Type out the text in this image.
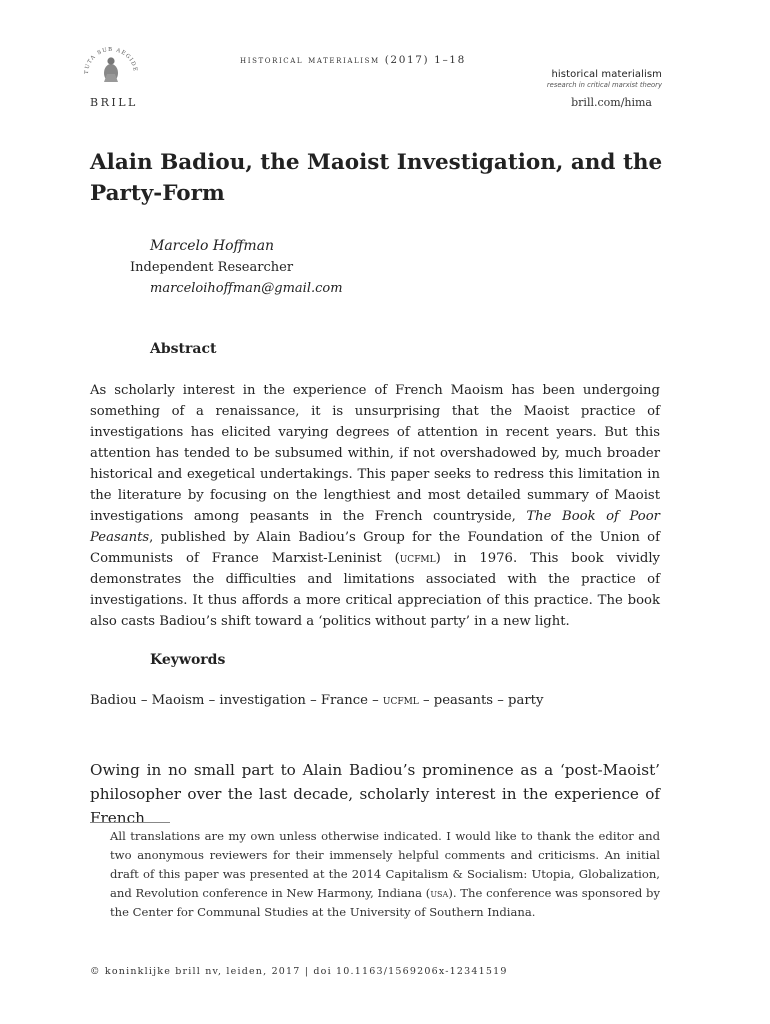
TUTA SUB AEGIDE
BRILL
historical materialism (2017) 1–18
historical materialism
research in critical marxist theory
brill.com/hima
Alain Badiou, the Maoist Investigation, and the Party-Form
Marcelo Hoffman
Independent Researcher
marceloihoffman@gmail.com
Abstract

As scholarly interest in the experience of French Maoism has been undergoing something of a renaissance, it is unsurprising that the Maoist practice of investigations has elicited varying degrees of attention in recent years. But this attention has tended to be subsumed within, if not overshadowed by, much broader historical and exegetical undertakings. This paper seeks to redress this limitation in the literature by focusing on the lengthiest and most detailed summary of Maoist investigations among peasants in the French countryside, The Book of Poor Peasants, published by Alain Badiou’s Group for the Foundation of the Union of Communists of France Marxist-Leninist (ucfml) in 1976. This book vividly demonstrates the difficulties and limitations associated with the practice of investigations. It thus affords a more critical appreciation of this practice. The book also casts Badiou’s shift toward a ‘politics without party’ in a new light.

Keywords
Badiou – Maoism – investigation – France – ucfml – peasants – party

Owing in no small part to Alain Badiou’s prominence as a ‘post-Maoist’ philosopher over the last decade, scholarly interest in the experience of French

All translations are my own unless otherwise indicated. I would like to thank the editor and two anonymous reviewers for their immensely helpful comments and criticisms. An initial draft of this paper was presented at the 2014 Capitalism & Socialism: Utopia, Globalization, and Revolution conference in New Harmony, Indiana (usa). The conference was sponsored by the Center for Communal Studies at the University of Southern Indiana.

© koninklijke brill nv, leiden, 2017 | doi 10.1163/1569206x-12341519
